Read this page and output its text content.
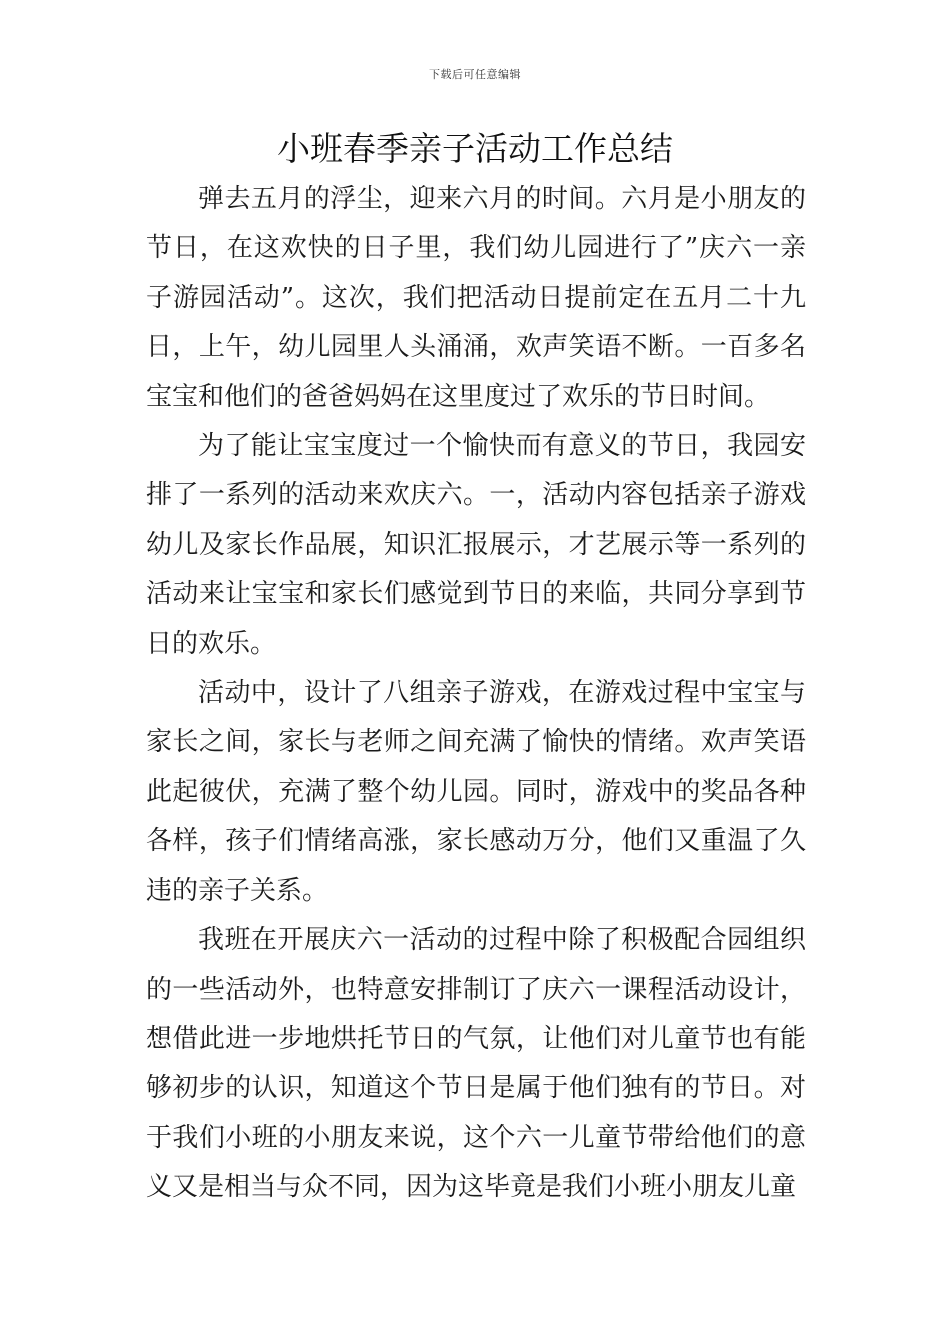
下载后可任意编辑
小班春季亲子活动工作总结

弹去五月的浮尘，迎来六月的时间。六月是小朋友的节日，在这欢快的日子里，我们幼儿园进行了”庆六一亲子游园活动”。这次，我们把活动日提前定在五月二十九日，上午，幼儿园里人头涌涌，欢声笑语不断。一百多名宝宝和他们的爸爸妈妈在这里度过了欢乐的节日时间。

为了能让宝宝度过一个愉快而有意义的节日，我园安排了一系列的活动来欢庆六。一，活动内容包括亲子游戏幼儿及家长作品展，知识汇报展示，才艺展示等一系列的活动来让宝宝和家长们感觉到节日的来临，共同分享到节日的欢乐。

活动中，设计了八组亲子游戏，在游戏过程中宝宝与家长之间，家长与老师之间充满了愉快的情绪。欢声笑语此起彼伏，充满了整个幼儿园。同时，游戏中的奖品各种各样，孩子们情绪高涨，家长感动万分，他们又重温了久违的亲子关系。

我班在开展庆六一活动的过程中除了积极配合园组织的一些活动外，也特意安排制订了庆六一课程活动设计，想借此进一步地烘托节日的气氛，让他们对儿童节也有能够初步的认识，知道这个节日是属于他们独有的节日。对于我们小班的小朋友来说，这个六一儿童节带给他们的意义又是相当与众不同，因为这毕竟是我们小班小朋友儿童
